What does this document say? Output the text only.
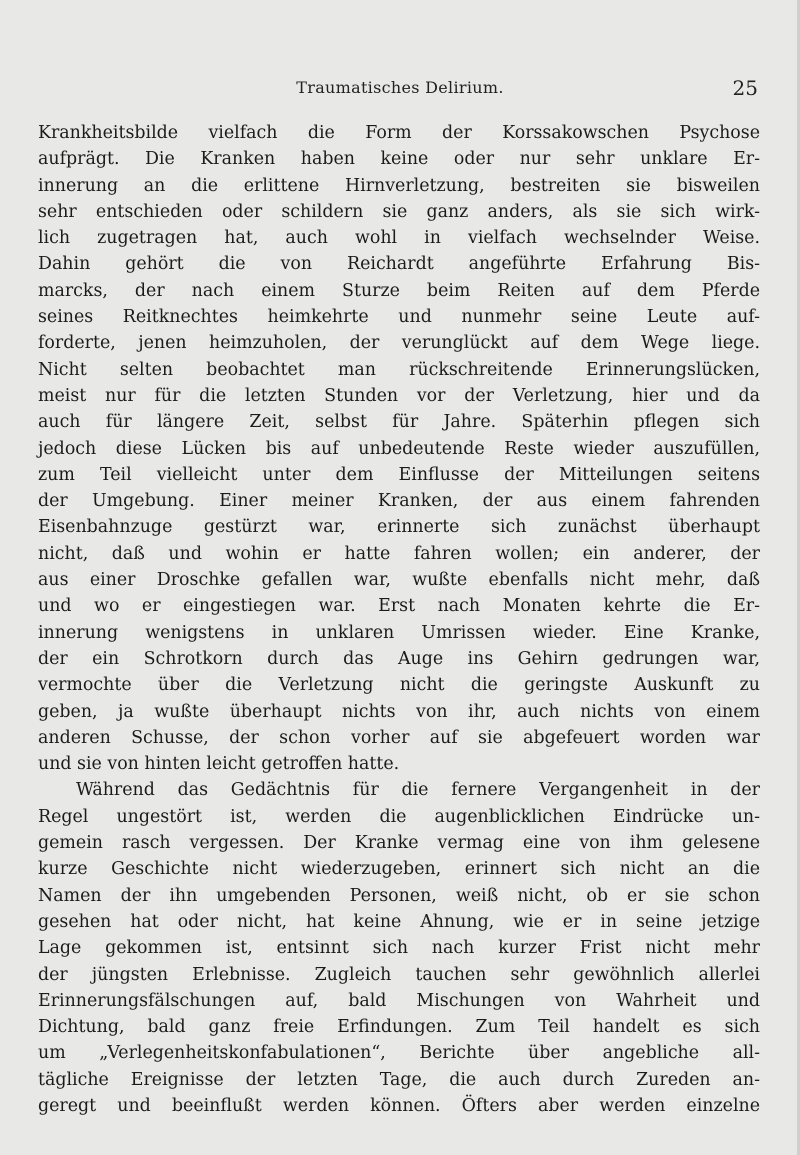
Traumatisches Delirium.	25
Krankheitsbilde vielfach die Form der Korssakowschen Psychose
aufprägt. Die Kranken haben keine oder nur sehr unklare Er-
innerung an die erlittene Hirnverletzung, bestreiten sie bisweilen
sehr entschieden oder schildern sie ganz anders, als sie sich wirk-
lich zugetragen hat, auch wohl in vielfach wechselnder Weise.
Dahin gehört die von Reichardt angeführte Erfahrung Bis-
marcks, der nach einem Sturze beim Reiten auf dem Pferde
seines Reitknechtes heimkehrte und nunmehr seine Leute auf-
forderte, jenen heimzuholen, der verunglückt auf dem Wege liege.
Nicht selten beobachtet man rückschreitende Erinnerungslücken,
meist nur für die letzten Stunden vor der Verletzung, hier und da
auch für längere Zeit, selbst für Jahre. Späterhin pflegen sich
jedoch diese Lücken bis auf unbedeutende Reste wieder auszufüllen,
zum Teil vielleicht unter dem Einflusse der Mitteilungen seitens
der Umgebung. Einer meiner Kranken, der aus einem fahrenden
Eisenbahnzuge gestürzt war, erinnerte sich zunächst überhaupt
nicht, daß und wohin er hatte fahren wollen; ein anderer, der
aus einer Droschke gefallen war, wußte ebenfalls nicht mehr, daß
und wo er eingestiegen war. Erst nach Monaten kehrte die Er-
innerung wenigstens in unklaren Umrissen wieder. Eine Kranke,
der ein Schrotkorn durch das Auge ins Gehirn gedrungen war,
vermochte über die Verletzung nicht die geringste Auskunft zu
geben, ja wußte überhaupt nichts von ihr, auch nichts von einem
anderen Schusse, der schon vorher auf sie abgefeuert worden war
und sie von hinten leicht getroffen hatte.
Während das Gedächtnis für die fernere Vergangenheit in der
Regel ungestört ist, werden die augenblicklichen Eindrücke un-
gemein rasch vergessen. Der Kranke vermag eine von ihm gelesene
kurze Geschichte nicht wiederzugeben, erinnert sich nicht an die
Namen der ihn umgebenden Personen, weiß nicht, ob er sie schon
gesehen hat oder nicht, hat keine Ahnung, wie er in seine jetzige
Lage gekommen ist, entsinnt sich nach kurzer Frist nicht mehr
der jüngsten Erlebnisse. Zugleich tauchen sehr gewöhnlich allerlei
Erinnerungsfälschungen auf, bald Mischungen von Wahrheit und
Dichtung, bald ganz freie Erfindungen. Zum Teil handelt es sich
um „Verlegenheitskonfabulationen“, Berichte über angebliche all-
tägliche Ereignisse der letzten Tage, die auch durch Zureden an-
geregt und beeinflußt werden können. Öfters aber werden einzelne
